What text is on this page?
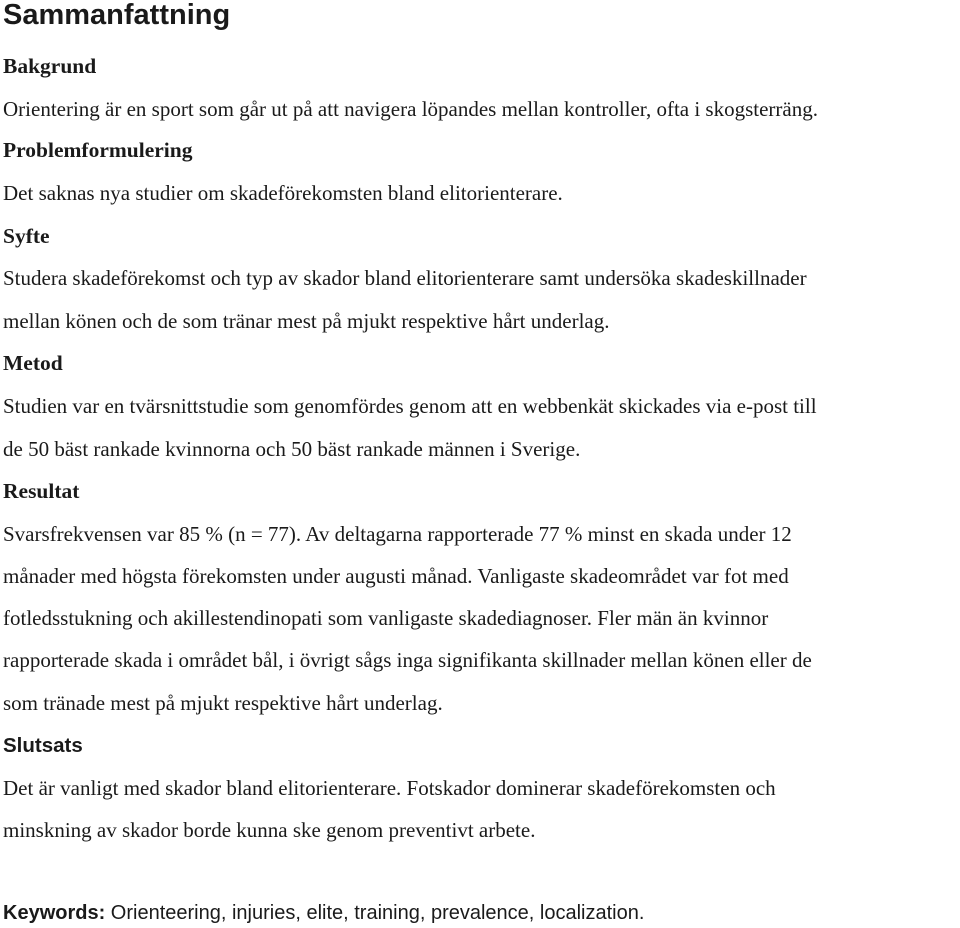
Sammanfattning
Bakgrund

Orientering är en sport som går ut på att navigera löpandes mellan kontroller, ofta i skogsterräng.

Problemformulering

Det saknas nya studier om skadeförekomsten bland elitorienterare.

Syfte

Studera skadeförekomst och typ av skador bland elitorienterare samt undersöka skadeskillnader

mellan könen och de som tränar mest på mjukt respektive hårt underlag.

Metod

Studien var en tvärsnittstudie som genomfördes genom att en webbenkät skickades via e-post till

de 50 bäst rankade kvinnorna och 50 bäst rankade männen i Sverige.

Resultat

Svarsfrekvensen var 85 % (n = 77). Av deltagarna rapporterade 77 % minst en skada under 12

månader med högsta förekomsten under augusti månad. Vanligaste skadeområdet var fot med

fotledsstukning och akillestendinopati som vanligaste skadediagnoser. Fler män än kvinnor

rapporterade skada i området bål, i övrigt sågs inga signifikanta skillnader mellan könen eller de

som tränade mest på mjukt respektive hårt underlag.

Slutsats

Det är vanligt med skador bland elitorienterare. Fotskador dominerar skadeförekomsten och

minskning av skador borde kunna ske genom preventivt arbete.

Keywords: Orienteering, injuries, elite, training, prevalence, localization.
